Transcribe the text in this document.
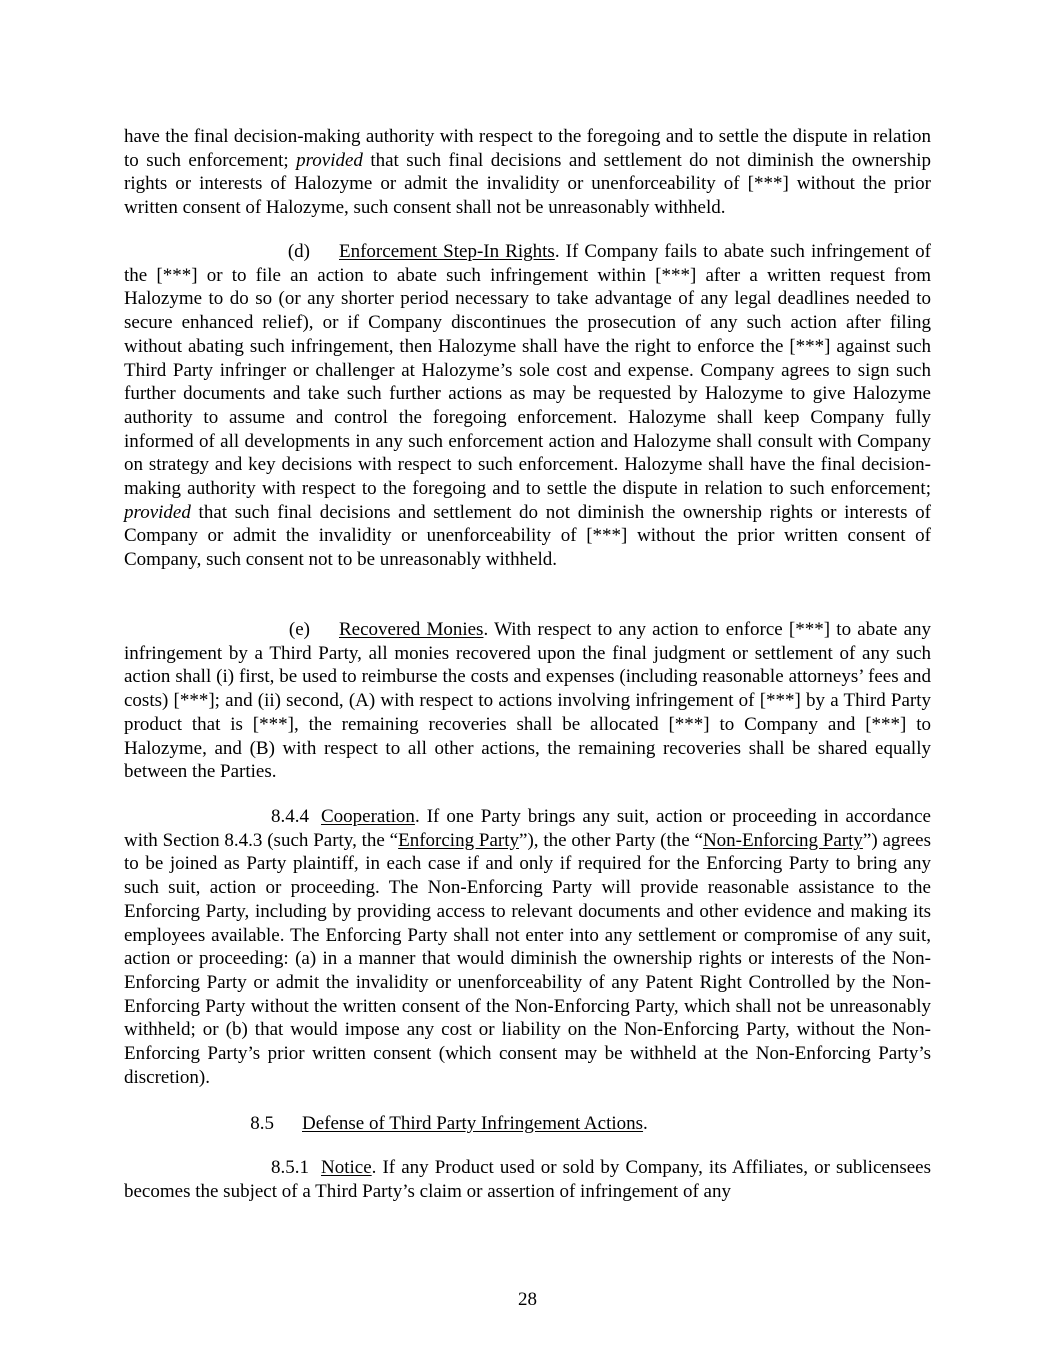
have the final decision-making authority with respect to the foregoing and to settle the dispute in relation to such enforcement; provided that such final decisions and settlement do not diminish the ownership rights or interests of Halozyme or admit the invalidity or unenforceability of [***] without the prior written consent of Halozyme, such consent shall not be unreasonably withheld.

(d) Enforcement Step-In Rights. If Company fails to abate such infringement of the [***] or to file an action to abate such infringement within [***] after a written request from Halozyme to do so (or any shorter period necessary to take advantage of any legal deadlines needed to secure enhanced relief), or if Company discontinues the prosecution of any such action after filing without abating such infringement, then Halozyme shall have the right to enforce the [***] against such Third Party infringer or challenger at Halozyme’s sole cost and expense. Company agrees to sign such further documents and take such further actions as may be requested by Halozyme to give Halozyme authority to assume and control the foregoing enforcement. Halozyme shall keep Company fully informed of all developments in any such enforcement action and Halozyme shall consult with Company on strategy and key decisions with respect to such enforcement. Halozyme shall have the final decision-making authority with respect to the foregoing and to settle the dispute in relation to such enforcement; provided that such final decisions and settlement do not diminish the ownership rights or interests of Company or admit the invalidity or unenforceability of [***] without the prior written consent of Company, such consent not to be unreasonably withheld.

(e) Recovered Monies. With respect to any action to enforce [***] to abate any infringement by a Third Party, all monies recovered upon the final judgment or settlement of any such action shall (i) first, be used to reimburse the costs and expenses (including reasonable attorneys’ fees and costs) [***]; and (ii) second, (A) with respect to actions involving infringement of [***] by a Third Party product that is [***], the remaining recoveries shall be allocated [***] to Company and [***] to Halozyme, and (B) with respect to all other actions, the remaining recoveries shall be shared equally between the Parties.

8.4.4 Cooperation. If one Party brings any suit, action or proceeding in accordance with Section 8.4.3 (such Party, the “Enforcing Party”), the other Party (the “Non-Enforcing Party”) agrees to be joined as Party plaintiff, in each case if and only if required for the Enforcing Party to bring any such suit, action or proceeding. The Non-Enforcing Party will provide reasonable assistance to the Enforcing Party, including by providing access to relevant documents and other evidence and making its employees available. The Enforcing Party shall not enter into any settlement or compromise of any suit, action or proceeding: (a) in a manner that would diminish the ownership rights or interests of the Non-Enforcing Party or admit the invalidity or unenforceability of any Patent Right Controlled by the Non-Enforcing Party without the written consent of the Non-Enforcing Party, which shall not be unreasonably withheld; or (b) that would impose any cost or liability on the Non-Enforcing Party, without the Non-Enforcing Party’s prior written consent (which consent may be withheld at the Non-Enforcing Party’s discretion).

8.5 Defense of Third Party Infringement Actions.

8.5.1 Notice. If any Product used or sold by Company, its Affiliates, or sublicensees becomes the subject of a Third Party’s claim or assertion of infringement of any

28
